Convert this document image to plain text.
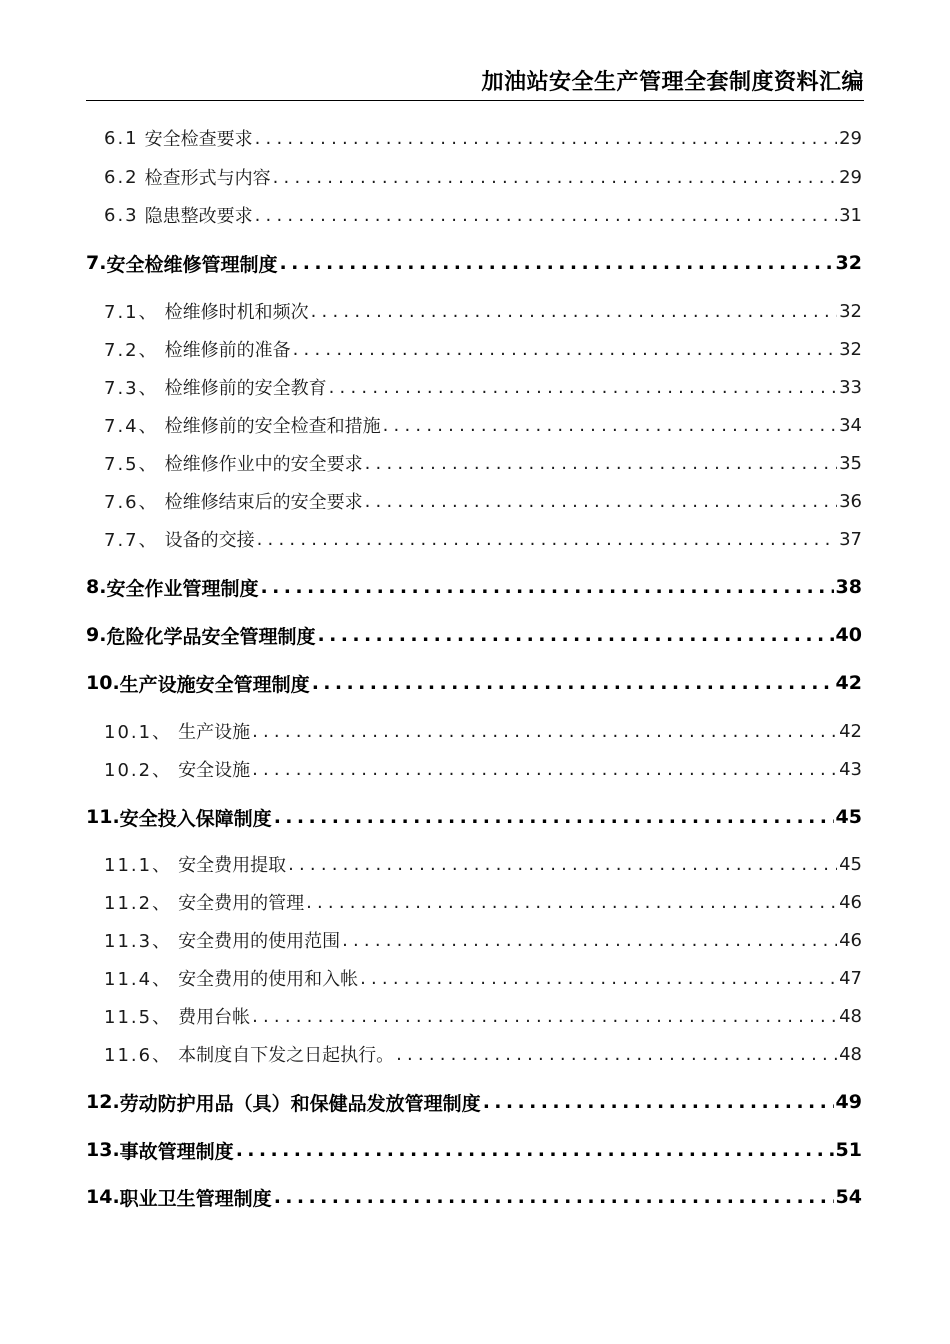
加油站安全生产管理全套制度资料汇编
6.1 安全检查要求 .....	29
6.2 检查形式与内容 .....	29
6.3 隐患整改要求 .....	31
7. 安全检维修管理制度 .....	32
7.1、 检维修时机和频次 .....	32
7.2、 检维修前的准备 .....	32
7.3、 检维修前的安全教育 .....	33
7.4、 检维修前的安全检查和措施 .....	34
7.5、 检维修作业中的安全要求 .....	35
7.6、 检维修结束后的安全要求 .....	36
7.7、 设备的交接 .....	37
8. 安全作业管理制度 .....	38
9. 危险化学品安全管理制度 .....	40
10. 生产设施安全管理制度 .....	42
10.1、 生产设施 .....	42
10.2、 安全设施 .....	43
11. 安全投入保障制度 .....	45
11.1、 安全费用提取 .....	45
11.2、 安全费用的管理 .....	46
11.3、 安全费用的使用范围 .....	46
11.4、 安全费用的使用和入帐 .....	47
11.5、 费用台帐 .....	48
11.6、 本制度自下发之日起执行。 .....	48
12. 劳动防护用品（具）和保健品发放管理制度 .....	49
13. 事故管理制度 .....	51
14. 职业卫生管理制度 .....	54
